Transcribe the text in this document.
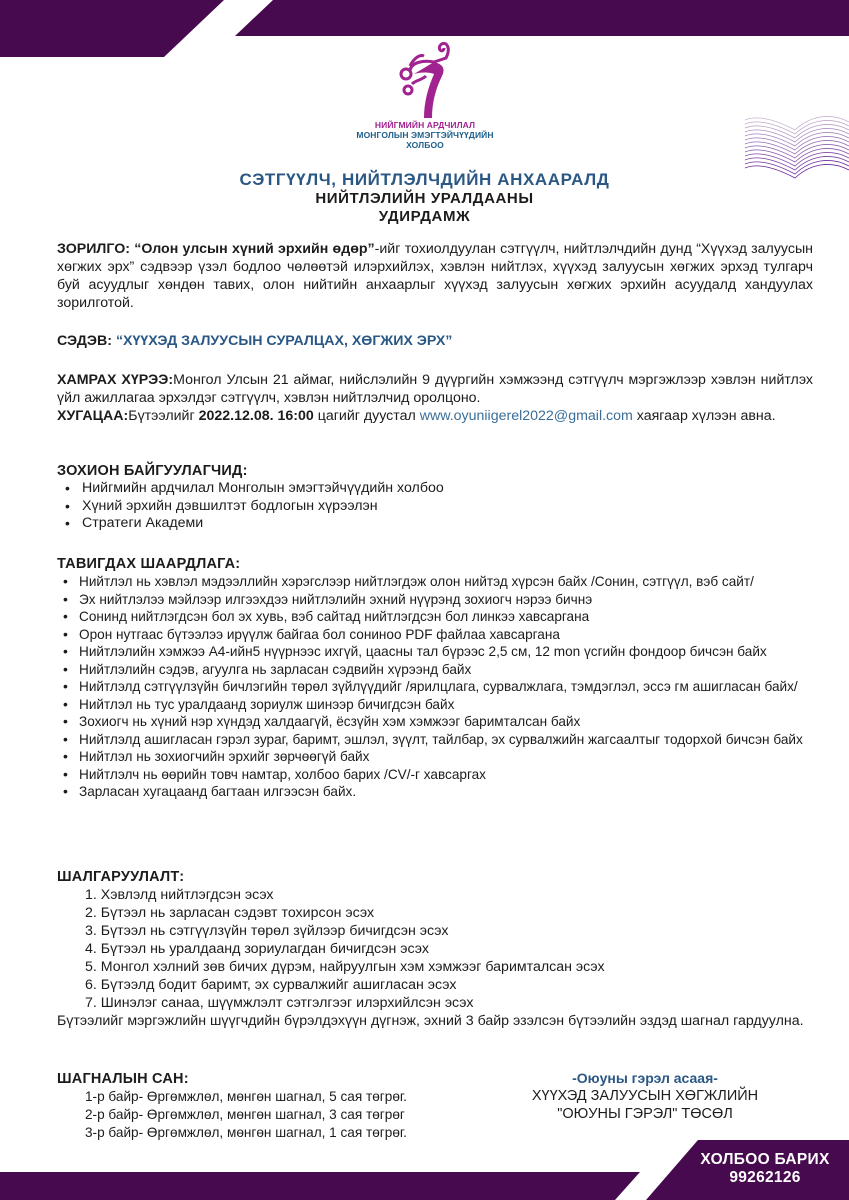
НИЙГМИЙН АРДЧИЛАЛ
МОНГОЛЫН ЭМЭГТЭЙЧҮҮДИЙН
ХОЛБОО
СЭТГҮҮЛЧ, НИЙТЛЭЛЧДИЙН АНХААРАЛД
НИЙТЛЭЛИЙН УРАЛДААНЫ
УДИРДАМЖ
ЗОРИЛГО: “Олон улсын хүний эрхийн өдөр”-ийг тохиолдуулан сэтгүүлч, нийтлэлчдийн дунд “Хүүхэд залуусын хөгжих эрх” сэдвээр үзэл бодлоо чөлөөтэй илэрхийлэх, хэвлэн нийтлэх, хүүхэд залуусын хөгжих эрхэд тулгарч буй асуудлыг хөндөн тавих, олон нийтийн анхаарлыг хүүхэд залуусын хөгжих эрхийн асуудалд хандуулах зорилготой.
СЭДЭВ: “ХҮҮХЭД ЗАЛУУСЫН СУРАЛЦАХ, ХӨГЖИХ ЭРХ”
ХАМРАХ ХҮРЭЭ:Монгол Улсын 21 аймаг, нийслэлийн 9 дүүргийн хэмжээнд сэтгүүлч мэргэжлээр хэвлэн нийтлэх үйл ажиллагаа эрхэлдэг сэтгүүлч, хэвлэн нийтлэлчид оролцоно.
ХУГАЦАА:Бүтээлийг 2022.12.08. 16:00 цагийг дуустал www.oyuniigerel2022@gmail.com хаягаар хүлээн авна.
ЗОХИОН БАЙГУУЛАГЧИД:
• Нийгмийн ардчилал Монголын эмэгтэйчүүдийн холбоо
• Хүний эрхийн дэвшилтэт бодлогын хүрээлэн
• Стратеги Академи
ТАВИГДАХ ШААРДЛАГА:
• Нийтлэл нь хэвлэл мэдээллийн хэрэгслээр нийтлэгдэж олон нийтэд хүрсэн байх /Сонин, сэтгүүл, вэб сайт/
• Эх нийтлэлээ мэйлээр илгээхдээ нийтлэлийн эхний нүүрэнд зохиогч нэрээ бичнэ
• Сонинд нийтлэгдсэн бол эх хувь, вэб сайтад нийтлэгдсэн бол линкээ хавсаргана
• Орон нутгаас бүтээлээ ирүүлж байгаа бол сониноо PDF файлаа хавсаргана
• Нийтлэлийн хэмжээ А4-ийн5 нүүрнээс ихгүй, цаасны тал бүрээс 2,5 см, 12 mon үсгийн фондоор бичсэн байх
• Нийтлэлийн сэдэв, агуулга нь зарласан сэдвийн хүрээнд байх
• Нийтлэлд сэтгүүлзүйн бичлэгийн төрөл зүйлүүдийг /ярилцлага, сурвалжлага, тэмдэглэл, эссэ гм ашигласан байх/
• Нийтлэл нь тус уралдаанд зориулж шинээр бичигдсэн байх
• Зохиогч нь хүний нэр хүндэд халдаагүй, ёсзүйн хэм хэмжээг баримталсан байх
• Нийтлэлд ашигласан гэрэл зураг, баримт, эшлэл, зүүлт, тайлбар, эх сурвалжийн жагсаалтыг тодорхой бичсэн байх
• Нийтлэл нь зохиогчийн эрхийг зөрчөөгүй байх
• Нийтлэлч нь өөрийн товч намтар, холбоо барих /CV/-г хавсаргах
• Зарласан хугацаанд багтаан илгээсэн байх.
ШАЛГАРУУЛАЛТ:
1. Хэвлэлд нийтлэгдсэн эсэх
2. Бүтээл нь зарласан сэдэвт тохирсон эсэх
3. Бүтээл нь сэтгүүлзүйн төрөл зүйлээр бичигдсэн эсэх
4. Бүтээл нь уралдаанд зориулагдан бичигдсэн эсэх
5. Монгол хэлний зөв бичих дүрэм, найруулгын хэм хэмжээг баримталсан эсэх
6. Бүтээлд бодит баримт, эх сурвалжийг ашигласан эсэх
7. Шинэлэг санаа, шүүмжлэлт сэтгэлгээг илэрхийлсэн эсэх
Бүтээлийг мэргэжлийн шүүгчдийн бүрэлдэхүүн дүгнэж, эхний 3 байр эзэлсэн бүтээлийн эздэд шагнал гардуулна.
ШАГНАЛЫН САН:
1-р байр- Өргөмжлөл, мөнгөн шагнал, 5 сая төгрөг.
2-р байр- Өргөмжлөл, мөнгөн шагнал, 3 сая төгрөг
3-р байр- Өргөмжлөл, мөнгөн шагнал, 1 сая төгрөг.
-Оюуны гэрэл асаая-
ХҮҮХЭД ЗАЛУУСЫН ХӨГЖЛИЙН
"ОЮУНЫ ГЭРЭЛ" ТӨСӨЛ
ХОЛБОО БАРИХ
99262126
